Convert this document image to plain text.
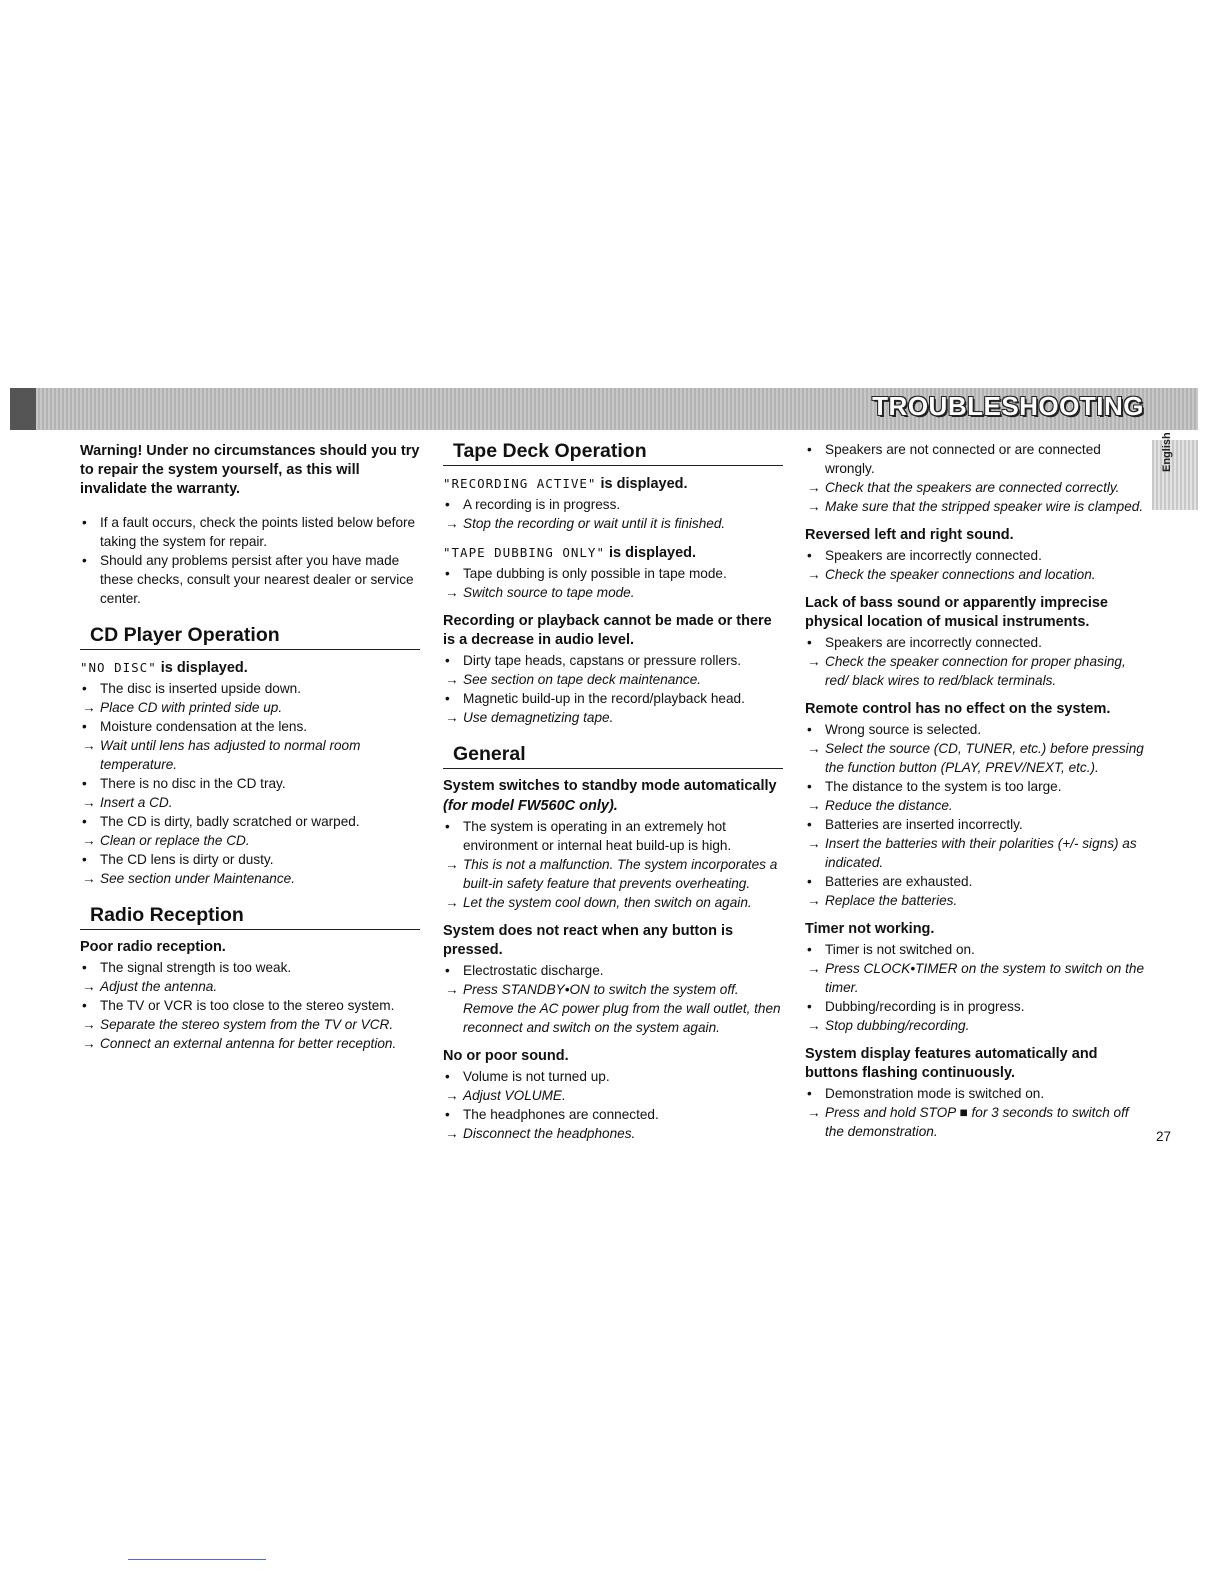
TROUBLESHOOTING
English
Warning! Under no circumstances should you try to repair the system yourself, as this will invalidate the warranty.
• If a fault occurs, check the points listed below before taking the system for repair.
• Should any problems persist after you have made these checks, consult your nearest dealer or service center.
CD Player Operation
"NO DISC" is displayed.
• The disc is inserted upside down.
→ Place CD with printed side up.
• Moisture condensation at the lens.
→ Wait until lens has adjusted to normal room temperature.
• There is no disc in the CD tray.
→ Insert a CD.
• The CD is dirty, badly scratched or warped.
→ Clean or replace the CD.
• The CD lens is dirty or dusty.
→ See section under Maintenance.
Radio Reception
Poor radio reception.
• The signal strength is too weak.
→ Adjust the antenna.
• The TV or VCR is too close to the stereo system.
→ Separate the stereo system from the TV or VCR.
→ Connect an external antenna for better reception.
Tape Deck Operation
"RECORDING ACTIVE" is displayed.
• A recording is in progress.
→ Stop the recording or wait until it is finished.
"TAPE DUBBING ONLY" is displayed.
• Tape dubbing is only possible in tape mode.
→ Switch source to tape mode.
Recording or playback cannot be made or there is a decrease in audio level.
• Dirty tape heads, capstans or pressure rollers.
→ See section on tape deck maintenance.
• Magnetic build-up in the record/playback head.
→ Use demagnetizing tape.
General
System switches to standby mode automatically
(for model FW560C only).
• The system is operating in an extremely hot environment or internal heat build-up is high.
→ This is not a malfunction. The system incorporates a built-in safety feature that prevents overheating.
→ Let the system cool down, then switch on again.
System does not react when any button is pressed.
• Electrostatic discharge.
→ Press STANDBY•ON to switch the system off. Remove the AC power plug from the wall outlet, then reconnect and switch on the system again.
No or poor sound.
• Volume is not turned up.
→ Adjust VOLUME.
• The headphones are connected.
→ Disconnect the headphones.
• Speakers are not connected or are connected wrongly.
→ Check that the speakers are connected correctly.
→ Make sure that the stripped speaker wire is clamped.
Reversed left and right sound.
• Speakers are incorrectly connected.
→ Check the speaker connections and location.
Lack of bass sound or apparently imprecise physical location of musical instruments.
• Speakers are incorrectly connected.
→ Check the speaker connection for proper phasing, red/ black wires to red/black terminals.
Remote control has no effect on the system.
• Wrong source is selected.
→ Select the source (CD, TUNER, etc.) before pressing the function button (PLAY, PREV/NEXT, etc.).
• The distance to the system is too large.
→ Reduce the distance.
• Batteries are inserted incorrectly.
→ Insert the batteries with their polarities (+/- signs) as indicated.
• Batteries are exhausted.
→ Replace the batteries.
Timer not working.
• Timer is not switched on.
→ Press CLOCK•TIMER on the system to switch on the timer.
• Dubbing/recording is in progress.
→ Stop dubbing/recording.
System display features automatically and buttons flashing continuously.
• Demonstration mode is switched on.
→ Press and hold STOP ■ for 3 seconds to switch off the demonstration.	27
